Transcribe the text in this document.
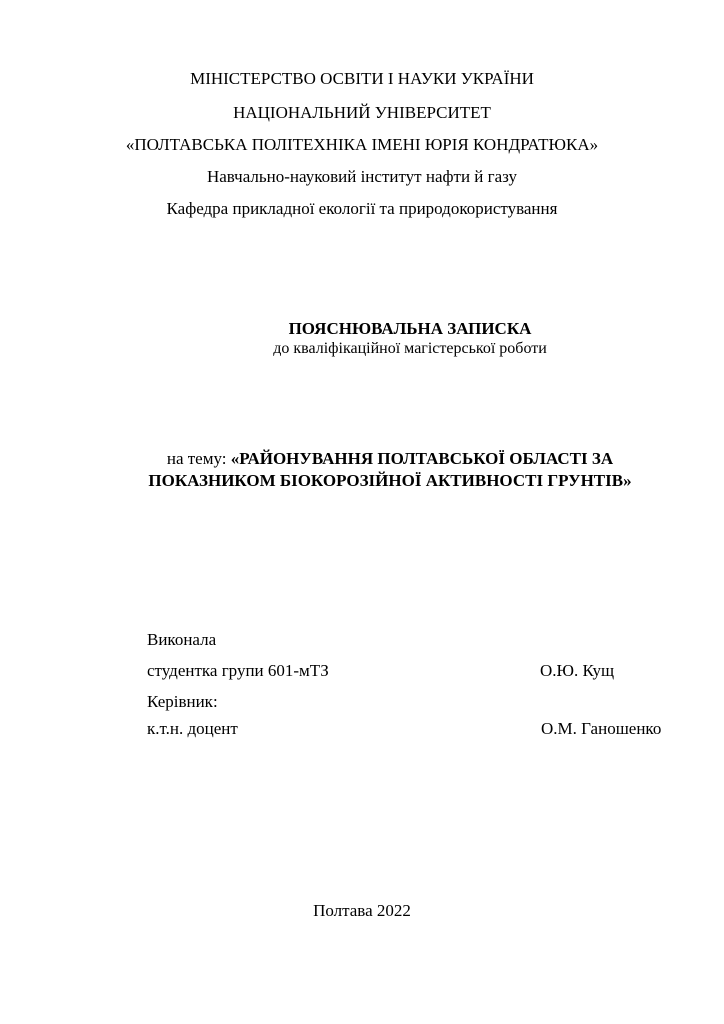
МІНІСТЕРСТВО ОСВІТИ І НАУКИ УКРАЇНИ
НАЦІОНАЛЬНИЙ УНІВЕРСИТЕТ
«ПОЛТАВСЬКА ПОЛІТЕХНІКА ІМЕНІ ЮРІЯ КОНДРАТЮКА»
Навчально-науковий інститут нафти й газу
Кафедра прикладної екології та природокористування
ПОЯСНЮВАЛЬНА ЗАПИСКА
до кваліфікаційної магістерської роботи
на тему: «РАЙОНУВАННЯ ПОЛТАВСЬКОЇ ОБЛАСТІ ЗА
ПОКАЗНИКОМ БІОКОРОЗІЙНОЇ АКТИВНОСТІ ГРУНТІВ»
Виконала
студентка групи 601-мТЗ	О.Ю. Кущ
Керівник:
к.т.н. доцент	О.М. Ганошенко
Полтава 2022
